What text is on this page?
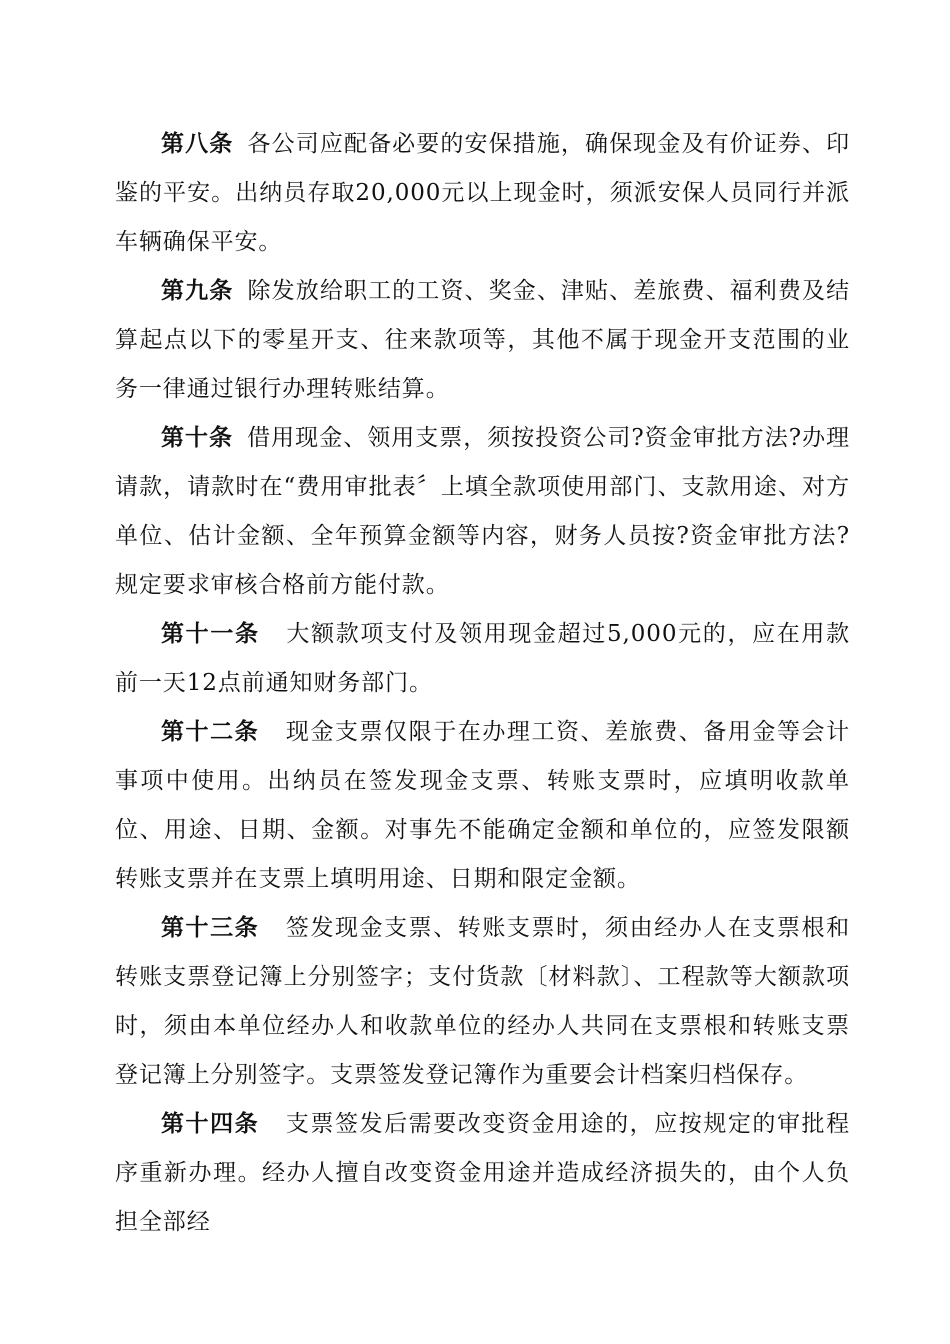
第八条 各公司应配备必要的安保措施，确保现金及有价证券、印鉴的平安。出纳员存取20,000元以上现金时，须派安保人员同行并派车辆确保平安。

第九条 除发放给职工的工资、奖金、津贴、差旅费、福利费及结算起点以下的零星开支、往来款项等，其他不属于现金开支范围的业务一律通过银行办理转账结算。

第十条 借用现金、领用支票，须按投资公司?资金审批方法?办理请款，请款时在“费用审批表〞上填全款项使用部门、支款用途、对方单位、估计金额、全年预算金额等内容，财务人员按?资金审批方法?规定要求审核合格前方能付款。

第十一条 大额款项支付及领用现金超过5,000元的，应在用款前一天12点前通知财务部门。

第十二条 现金支票仅限于在办理工资、差旅费、备用金等会计事项中使用。出纳员在签发现金支票、转账支票时，应填明收款单位、用途、日期、金额。对事先不能确定金额和单位的，应签发限额转账支票并在支票上填明用途、日期和限定金额。

第十三条 签发现金支票、转账支票时，须由经办人在支票根和转账支票登记簿上分别签字；支付货款〔材料款〕、工程款等大额款项时，须由本单位经办人和收款单位的经办人共同在支票根和转账支票登记簿上分别签字。支票签发登记簿作为重要会计档案归档保存。

第十四条 支票签发后需要改变资金用途的，应按规定的审批程序重新办理。经办人擅自改变资金用途并造成经济损失的，由个人负担全部经
